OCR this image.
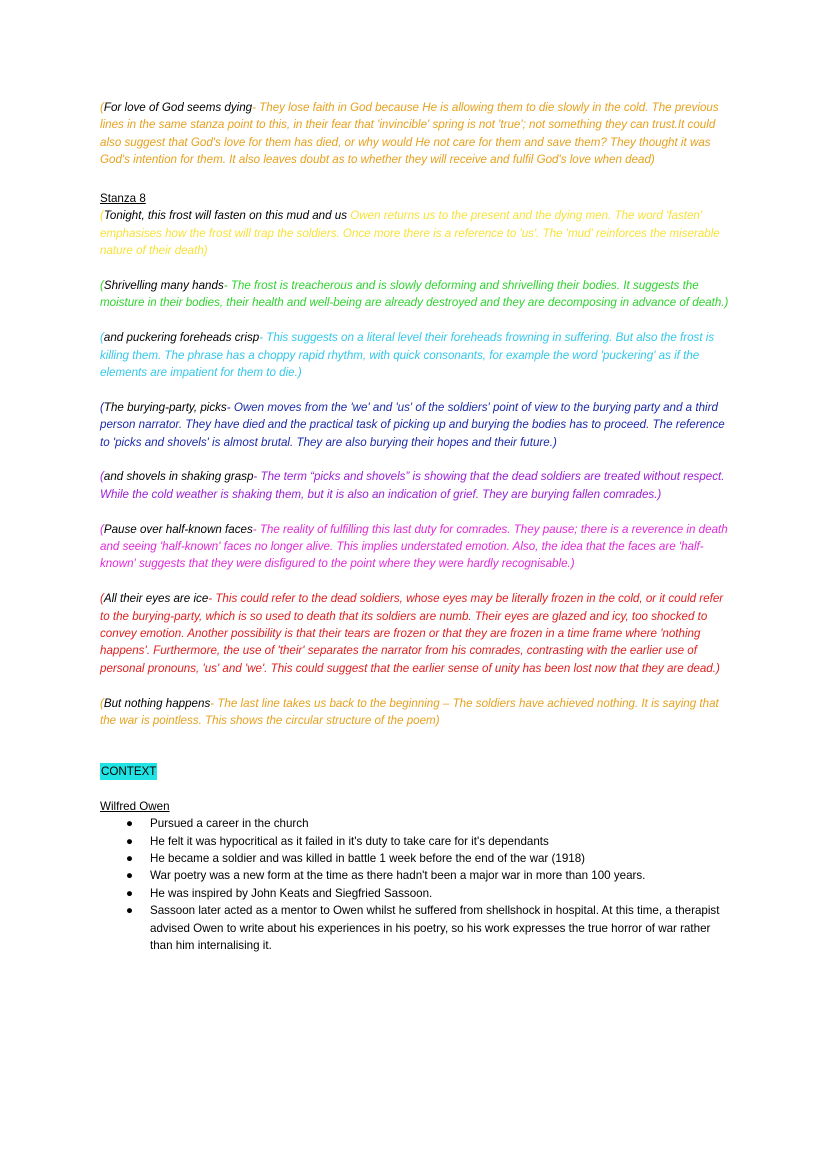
(For love of God seems dying- They lose faith in God because He is allowing them to die slowly in the cold. The previous lines in the same stanza point to this, in their fear that 'invincible' spring is not 'true'; not something they can trust.It could also suggest that God's love for them has died, or why would He not care for them and save them? They thought it was God's intention for them. It also leaves doubt as to whether they will receive and fulfil God's love when dead)

Stanza 8

(Tonight, this frost will fasten on this mud and us Owen returns us to the present and the dying men. The word 'fasten' emphasises how the frost will trap the soldiers. Once more there is a reference to 'us'. The 'mud' reinforces the miserable nature of their death)

(Shrivelling many hands- The frost is treacherous and is slowly deforming and shrivelling their bodies. It suggests the moisture in their bodies, their health and well-being are already destroyed and they are decomposing in advance of death.)

(and puckering foreheads crisp- This suggests on a literal level their foreheads frowning in suffering. But also the frost is killing them. The phrase has a choppy rapid rhythm, with quick consonants, for example the word 'puckering' as if the elements are impatient for them to die.)

(The burying-party, picks- Owen moves from the 'we' and 'us' of the soldiers' point of view to the burying party and a third person narrator. They have died and the practical task of picking up and burying the bodies has to proceed. The reference to 'picks and shovels' is almost brutal. They are also burying their hopes and their future.)

(and shovels in shaking grasp- The term “picks and shovels” is showing that the dead soldiers are treated without respect. While the cold weather is shaking them, but it is also an indication of grief. They are burying fallen comrades.)

(Pause over half-known faces- The reality of fulfilling this last duty for comrades. They pause; there is a reverence in death and seeing 'half-known' faces no longer alive. This implies understated emotion. Also, the idea that the faces are 'half-known' suggests that they were disfigured to the point where they were hardly recognisable.)

(All their eyes are ice- This could refer to the dead soldiers, whose eyes may be literally frozen in the cold, or it could refer to the burying-party, which is so used to death that its soldiers are numb. Their eyes are glazed and icy, too shocked to convey emotion. Another possibility is that their tears are frozen or that they are frozen in a time frame where 'nothing happens'. Furthermore, the use of 'their' separates the narrator from his comrades, contrasting with the earlier use of personal pronouns, 'us' and 'we'. This could suggest that the earlier sense of unity has been lost now that they are dead.)

(But nothing happens- The last line takes us back to the beginning – The soldiers have achieved nothing. It is saying that the war is pointless. This shows the circular structure of the poem)

CONTEXT

Wilfred Owen

● Pursued a career in the church
● He felt it was hypocritical as it failed in it's duty to take care for it's dependants
● He became a soldier and was killed in battle 1 week before the end of the war (1918)
● War poetry was a new form at the time as there hadn't been a major war in more than 100 years.
● He was inspired by John Keats and Siegfried Sassoon.
● Sassoon later acted as a mentor to Owen whilst he suffered from shellshock in hospital. At this time, a therapist advised Owen to write about his experiences in his poetry, so his work expresses the true horror of war rather than him internalising it.
